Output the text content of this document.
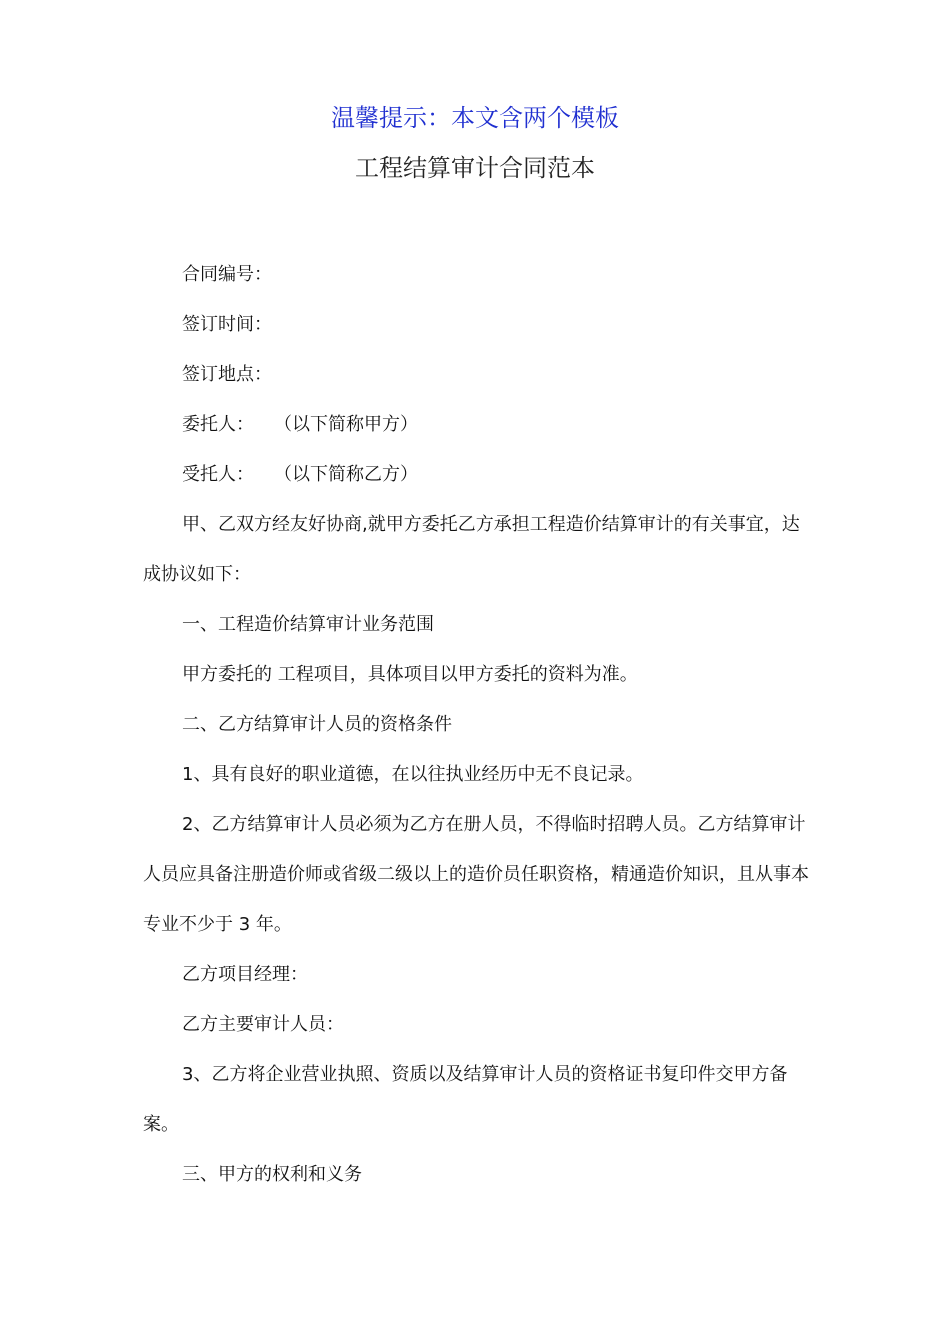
温馨提示：本文含两个模板
工程结算审计合同范本

合同编号：

签订时间：

签订地点：

委托人： （以下简称甲方）

受托人： （以下简称乙方）

甲、乙双方经友好协商,就甲方委托乙方承担工程造价结算审计的有关事宜，达成协议如下：

一、工程造价结算审计业务范围

甲方委托的 工程项目，具体项目以甲方委托的资料为准。

二、乙方结算审计人员的资格条件

1、具有良好的职业道德，在以往执业经历中无不良记录。

2、乙方结算审计人员必须为乙方在册人员，不得临时招聘人员。乙方结算审计人员应具备注册造价师或省级二级以上的造价员任职资格，精通造价知识，且从事本专业不少于 3 年。

乙方项目经理：

乙方主要审计人员：

3、乙方将企业营业执照、资质以及结算审计人员的资格证书复印件交甲方备案。

三、甲方的权利和义务
